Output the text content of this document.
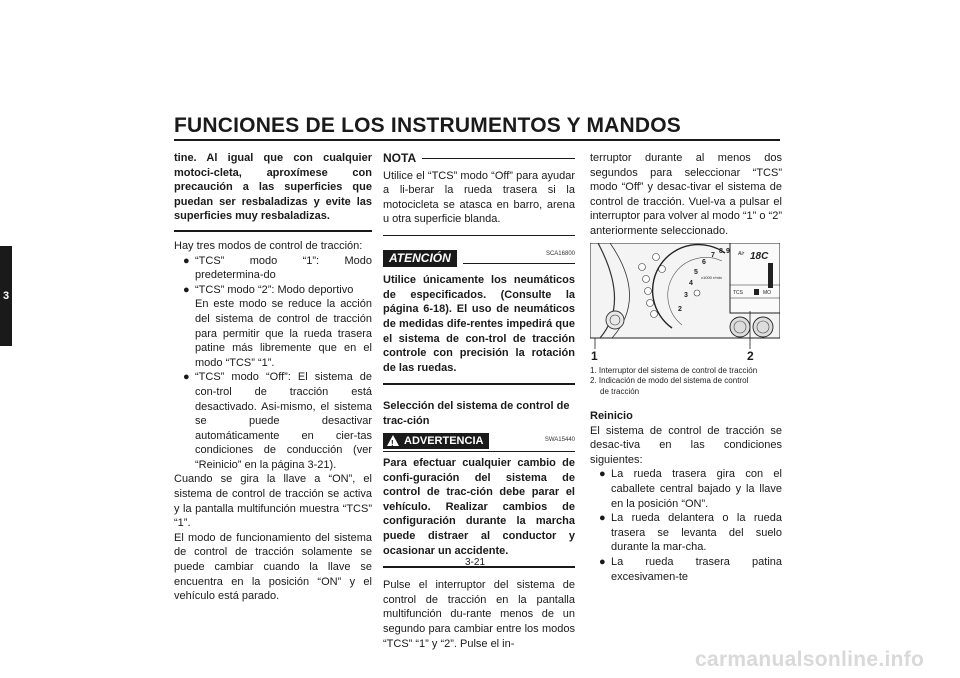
FUNCIONES DE LOS INSTRUMENTOS Y MANDOS
3

tine. Al igual que con cualquier motoci-cleta, aproxímese con precaución a las superficies que puedan ser resbaladizas y evite las superficies muy resbaladizas.

Hay tres modos de control de tracción:

● “TCS” modo “1”: Modo predetermina-do
● “TCS” modo “2”: Modo deportivo

En este modo se reduce la acción del sistema de control de tracción para permitir que la rueda trasera patine más libremente que en el modo “TCS” “1”.

● “TCS” modo “Off”: El sistema de con-trol de tracción está desactivado. Asi-mismo, el sistema se puede desactivar automáticamente en cier-tas condiciones de conducción (ver “Reinicio” en la página 3-21).

Cuando se gira la llave a “ON”, el sistema de control de tracción se activa y la pantalla multifunción muestra “TCS” “1”.

El modo de funcionamiento del sistema de control de tracción solamente se puede cambiar cuando la llave se encuentra en la posición “ON” y el vehículo está parado.

NOTA

Utilice el “TCS” modo “Off” para ayudar a li-berar la rueda trasera si la motocicleta se atasca en barro, arena u otra superficie blanda.

ATENCIÓN	SCA16800

Utilice únicamente los neumáticos de especificados. (Consulte la página 6-18). El uso de neumáticos de medidas dife-rentes impedirá que el sistema de con-trol de tracción controle con precisión la rotación de las ruedas.

Selección del sistema de control de trac-ción

! ADVERTENCIA	SWA15440

Para efectuar cualquier cambio de confi-guración del sistema de control de trac-ción debe parar el vehículo. Realizar cambios de configuración durante la marcha puede distraer al conductor y ocasionar un accidente.

Pulse el interruptor del sistema de control de tracción en la pantalla multifunción du-rante menos de un segundo para cambiar entre los modos “TCS” “1” y “2”. Pulse el in-

terruptor durante al menos dos segundos para seleccionar “TCS” modo “Off” y desac-tivar el sistema de control de tracción. Vuel-va a pulsar el interruptor para volver al modo “1” o “2” anteriormente seleccionado.

2
3
4
5
6
7
8 9
x1000 r/min
Air 18C
TCS	MO
1	2

1. Interruptor del sistema de control de tracción

2. Indicación de modo del sistema de control

de tracción

Reinicio

El sistema de control de tracción se desac-tiva en las condiciones siguientes:

● La rueda trasera gira con el caballete central bajado y la llave en la posición “ON”.
● La rueda delantera o la rueda trasera se levanta del suelo durante la mar-cha.
● La rueda trasera patina excesivamen-te
3-21
carmanualsonline.info
